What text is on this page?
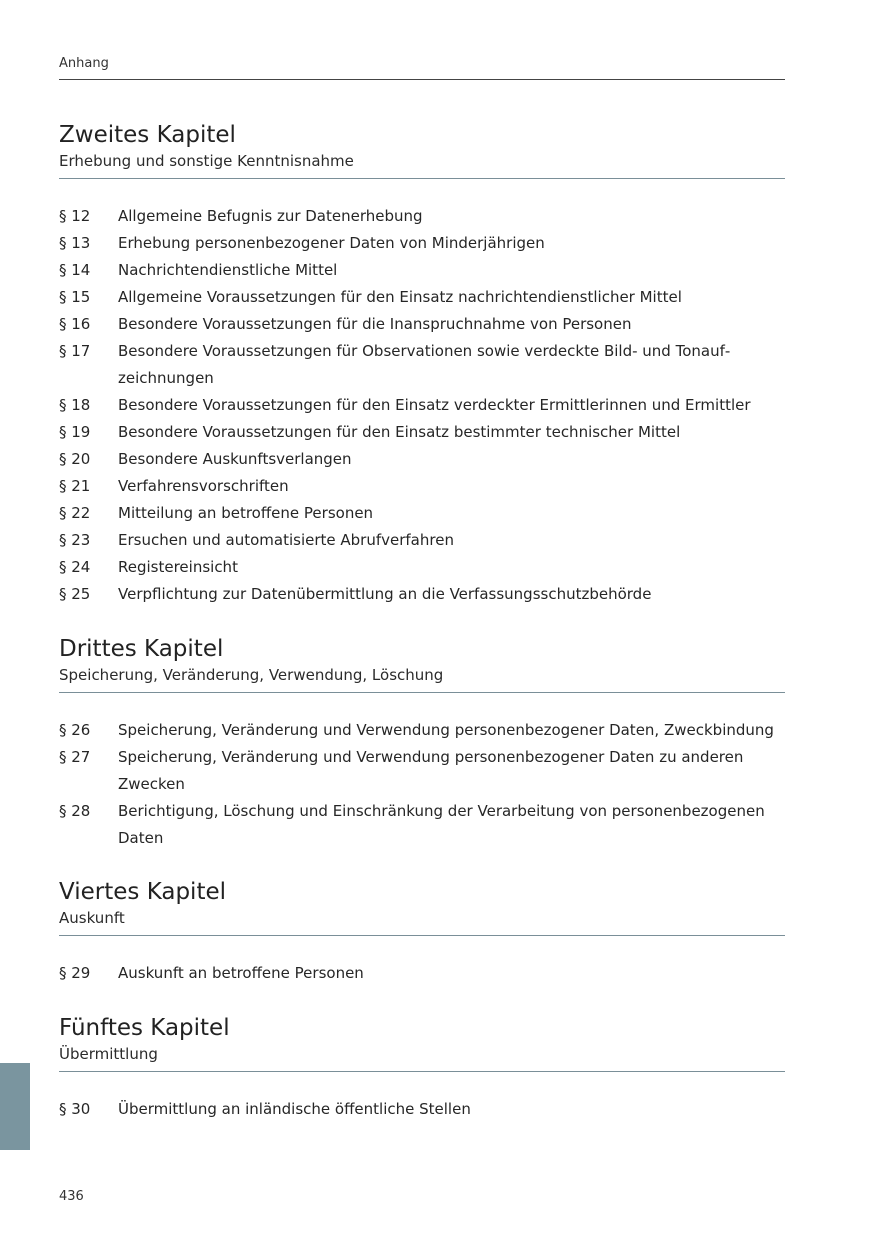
Anhang
Zweites Kapitel
Erhebung und sonstige Kenntnisnahme
§ 12	Allgemeine Befugnis zur Datenerhebung
§ 13	Erhebung personenbezogener Daten von Minderjährigen
§ 14	Nachrichtendienstliche Mittel
§ 15	Allgemeine Voraussetzungen für den Einsatz nachrichtendienstlicher Mittel
§ 16	Besondere Voraussetzungen für die Inanspruchnahme von Personen
§ 17	Besondere Voraussetzungen für Observationen sowie verdeckte Bild- und Tonaufzeichnungen
§ 18	Besondere Voraussetzungen für den Einsatz verdeckter Ermittlerinnen und Ermittler
§ 19	Besondere Voraussetzungen für den Einsatz bestimmter technischer Mittel
§ 20	Besondere Auskunftsverlangen
§ 21	Verfahrensvorschriften
§ 22	Mitteilung an betroffene Personen
§ 23	Ersuchen und automatisierte Abrufverfahren
§ 24	Registereinsicht
§ 25	Verpflichtung zur Datenübermittlung an die Verfassungsschutzbehörde
Drittes Kapitel
Speicherung, Veränderung, Verwendung, Löschung
§ 26	Speicherung, Veränderung und Verwendung personenbezogener Daten, Zweckbindung
§ 27	Speicherung, Veränderung und Verwendung personenbezogener Daten zu anderen Zwecken
§ 28	Berichtigung, Löschung und Einschränkung der Verarbeitung von personenbezogenen Daten
Viertes Kapitel
Auskunft
§ 29	Auskunft an betroffene Personen
Fünftes Kapitel
Übermittlung
§ 30	Übermittlung an inländische öffentliche Stellen
436
